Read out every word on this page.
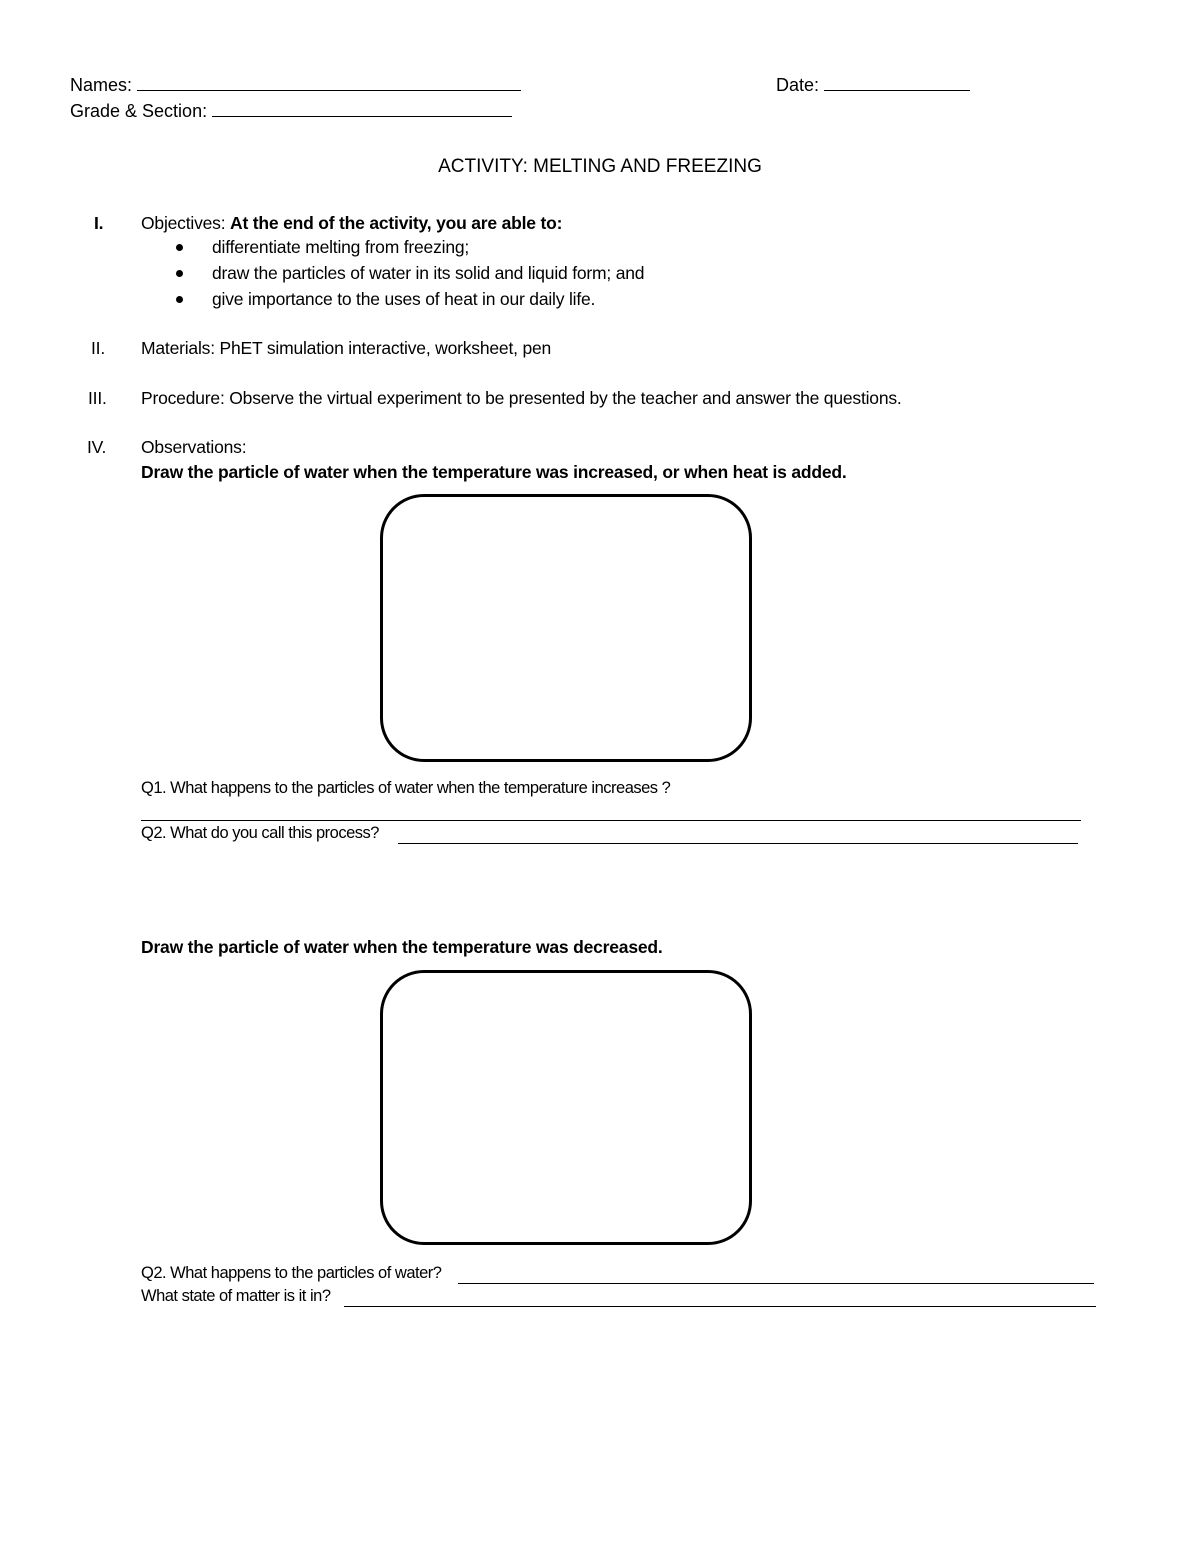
Names:	Date:
Grade & Section:
ACTIVITY: MELTING AND FREEZING
I. Objectives: At the end of the activity, you are able to:
differentiate melting from freezing;
draw the particles of water in its solid and liquid form; and
give importance to the uses of heat in our daily life.
II. Materials: PhET simulation interactive, worksheet, pen
III. Procedure: Observe the virtual experiment to be presented by the teacher and answer the questions.
IV. Observations:
Draw the particle of water when the temperature was increased, or when heat is added.
Q1. What happens to the particles of water when the temperature increases ?
Q2. What do you call this process?
Draw the particle of water when the temperature was decreased.
Q2. What happens to the particles of water?
What state of matter is it in?
